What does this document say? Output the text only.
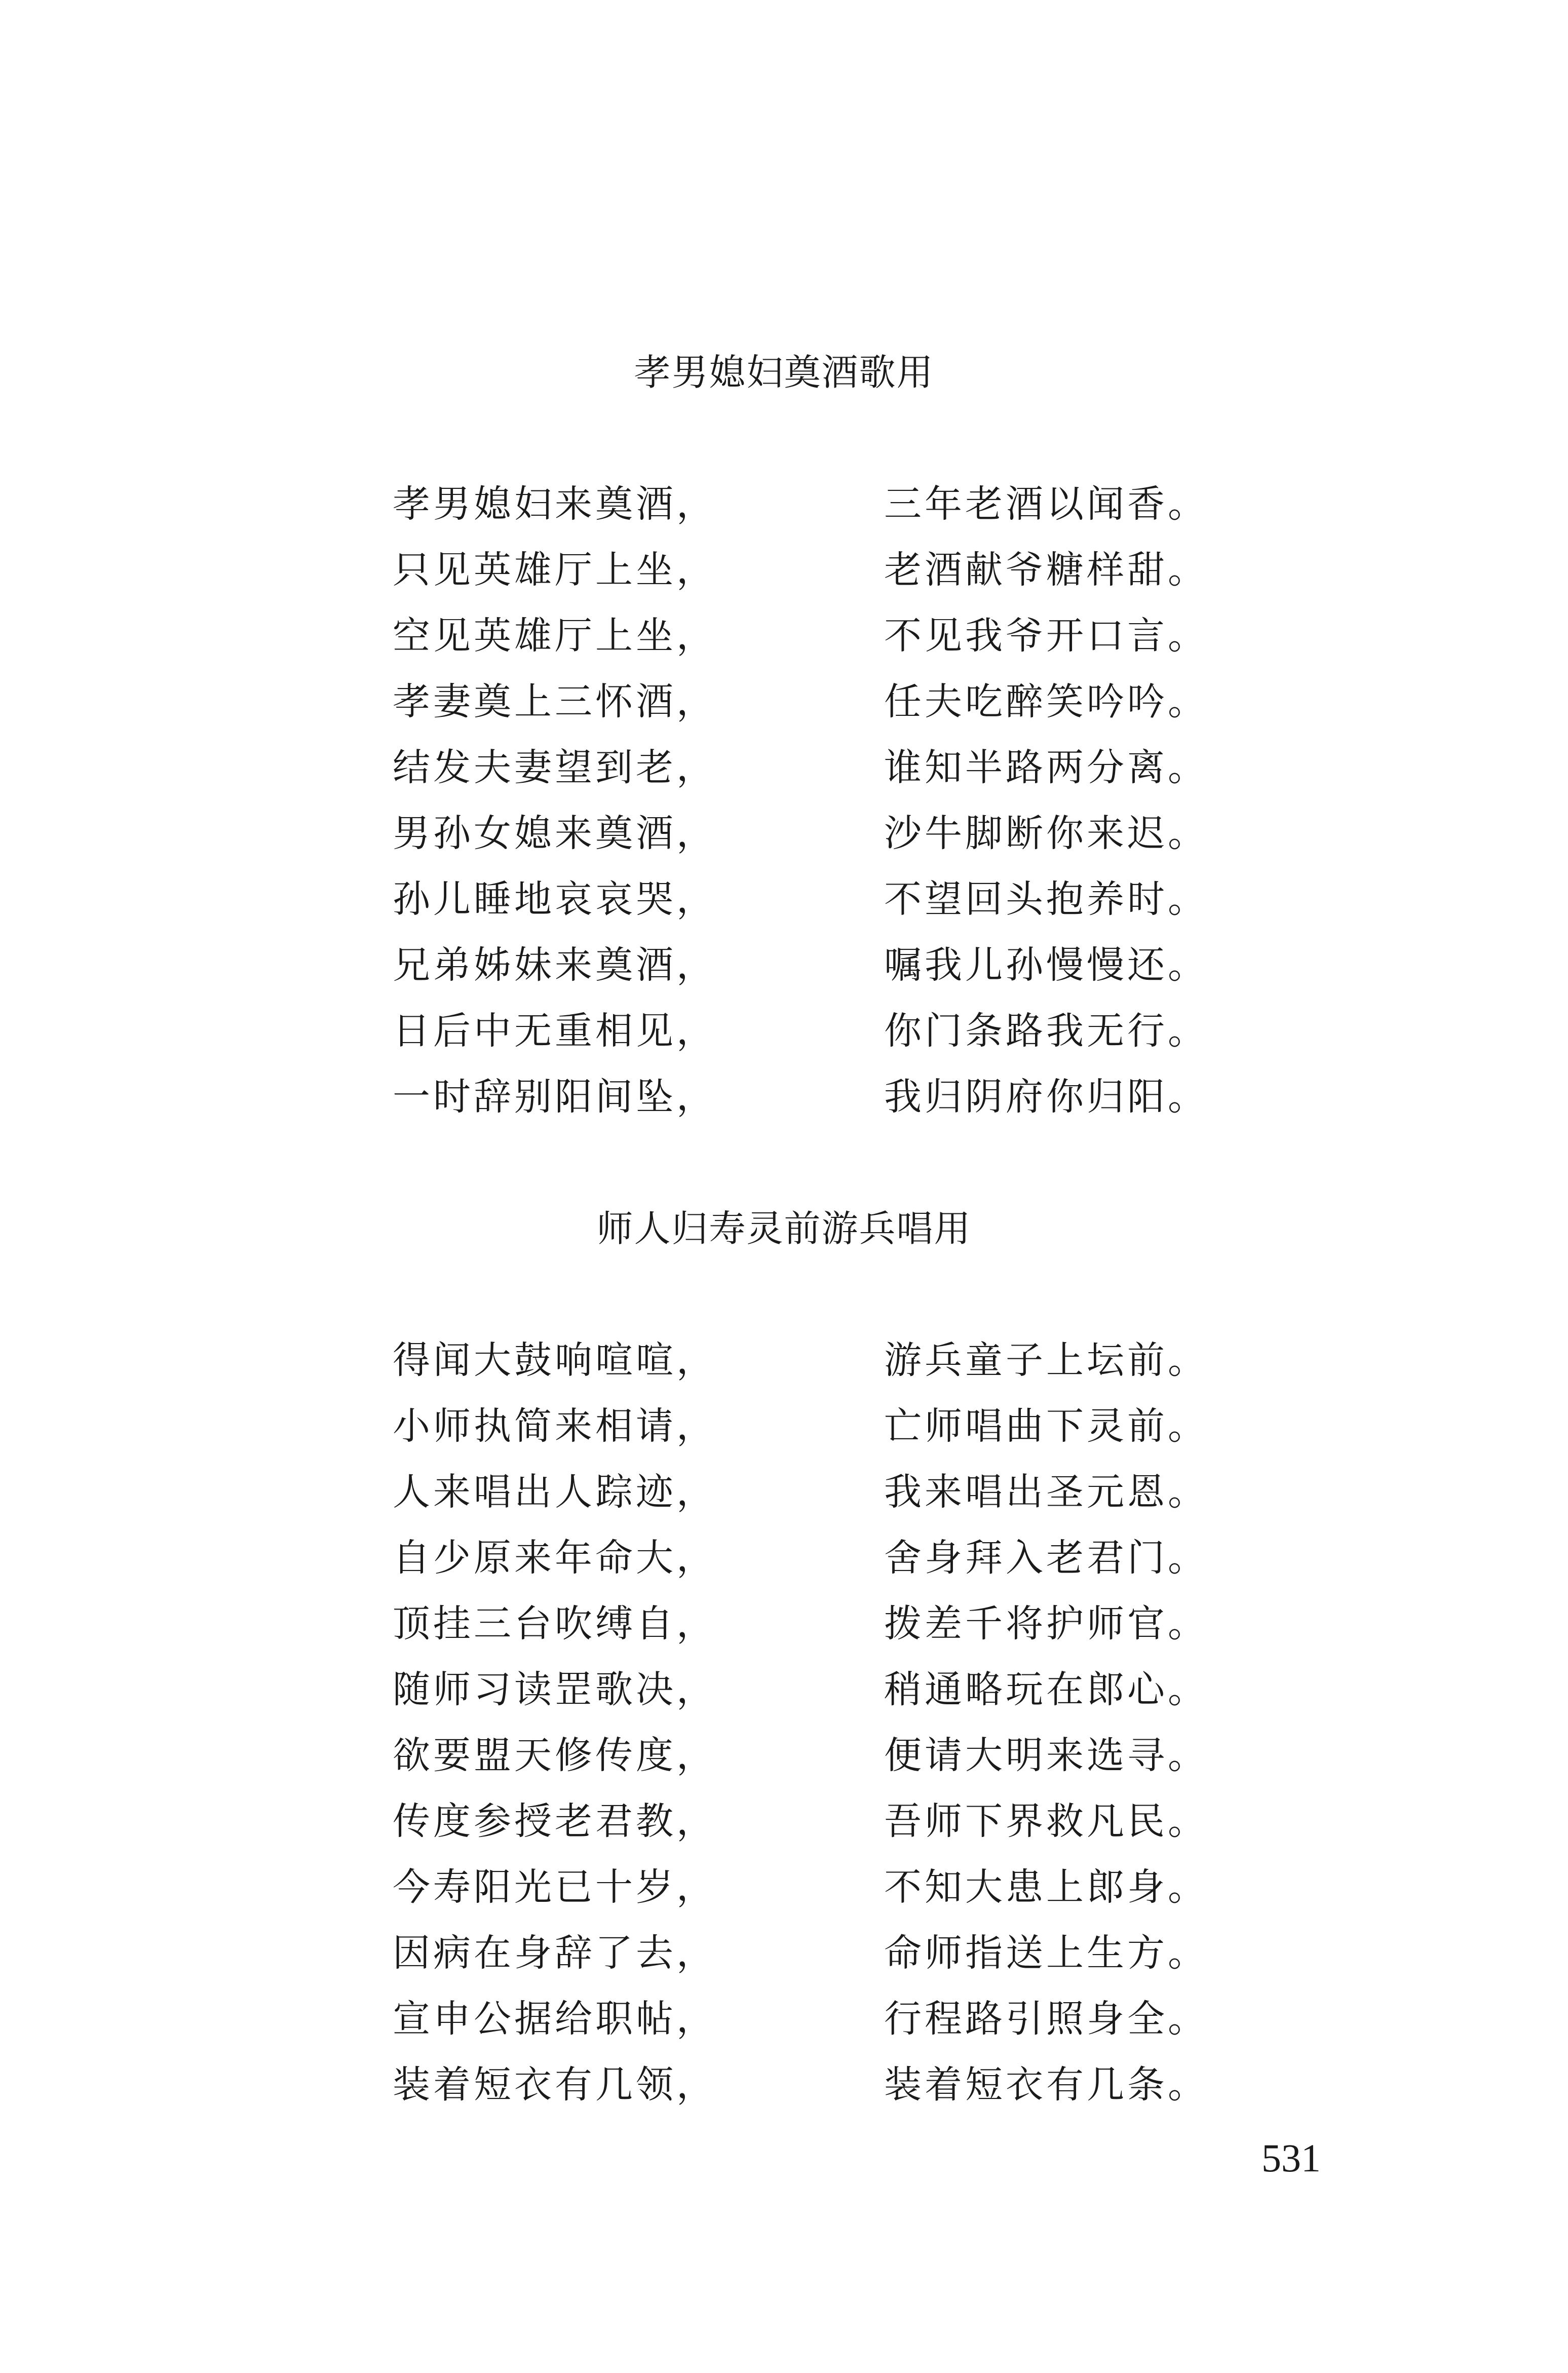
孝男媳妇奠酒歌用
孝男媳妇来奠酒，	三年老酒以闻香。
只见英雄厅上坐，	老酒献爷糖样甜。
空见英雄厅上坐，	不见我爷开口言。
孝妻奠上三怀酒，	任夫吃醉笑吟吟。
结发夫妻望到老，	谁知半路两分离。
男孙女媳来奠酒，	沙牛脚断你来迟。
孙儿睡地哀哀哭，	不望回头抱养时。
兄弟姊妹来奠酒，	嘱我儿孙慢慢还。
日后中无重相见，	你门条路我无行。
一时辞别阳间坠，	我归阴府你归阳。
师人归寿灵前游兵唱用
得闻大鼓响喧喧，	游兵童子上坛前。
小师执简来相请，	亡师唱曲下灵前。
人来唱出人踪迹，	我来唱出圣元恩。
自少原来年命大，	舍身拜入老君门。
顶挂三台吹缚自，	拨差千将护师官。
随师习读罡歌决，	稍通略玩在郎心。
欲要盟天修传度，	便请大明来选寻。
传度参授老君教，	吾师下界救凡民。
今寿阳光已十岁，	不知大患上郎身。
因病在身辞了去，	命师指送上生方。
宣申公据给职帖，	行程路引照身全。
装着短衣有几领，	装着短衣有几条。
531
